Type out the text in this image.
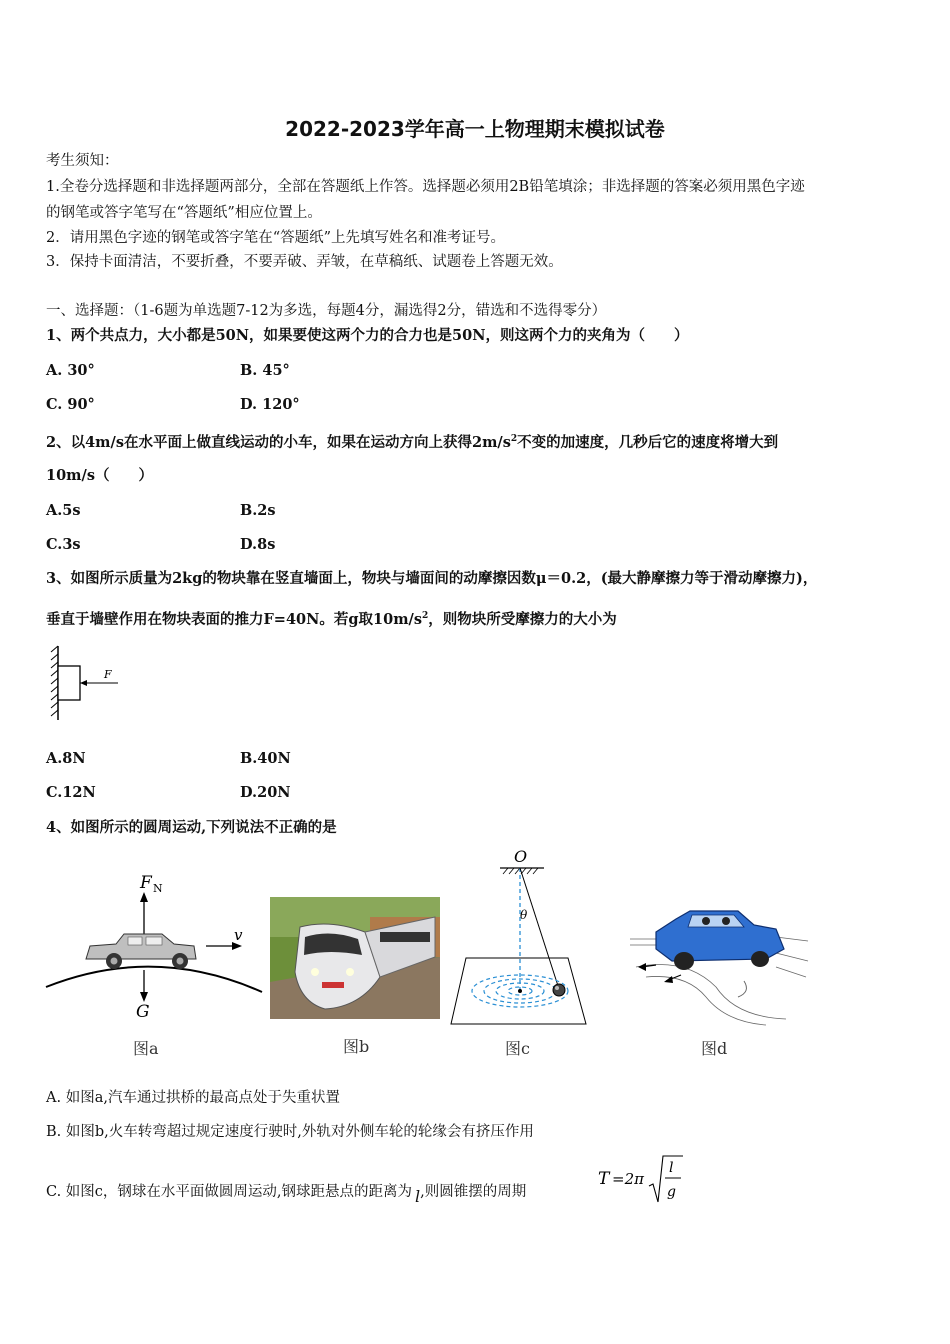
2022-2023学年高一上物理期末模拟试卷
考生须知：
1.全卷分选择题和非选择题两部分，全部在答题纸上作答。选择题必须用2B铅笔填涂；非选择题的答案必须用黑色字迹
的钢笔或答字笔写在“答题纸”相应位置上。
2．请用黑色字迹的钢笔或答字笔在“答题纸”上先填写姓名和准考证号。
3．保持卡面清洁，不要折叠，不要弄破、弄皱，在草稿纸、试题卷上答题无效。
一、选择题：（1-6题为单选题7-12为多选，每题4分，漏选得2分，错选和不选得零分）
1、两个共点力，大小都是50N，如果要使这两个力的合力也是50N，则这两个力的夹角为（　　）
A. 30°	B. 45°
C. 90°	D. 120°
2、以4m/s在水平面上做直线运动的小车，如果在运动方向上获得$2m/s^2$不变的加速度，几秒后它的速度将增大到
10m/s（　　）
A.5s	B.2s
C.3s	D.8s
3、如图所示质量为2kg的物块靠在竖直墙面上，物块与墙面间的动摩擦因数μ＝0.2，(最大静摩擦力等于滑动摩擦力)，
垂直于墙壁作用在物块表面的推力F=40N。若g取$10m/s^2$，则物块所受摩擦力的大小为
F
A.8N	B.40N
C.12N	D.20N
4、如图所示的圆周运动,下列说法不正确的是
F N
G
v
图a	图b
O
θ
图c	图d
A. 如图a,汽车通过拱桥的最高点处于失重状置
B. 如图b,火车转弯超过规定速度行驶时,外轨对外侧车轮的轮缘会有挤压作用
C. 如图c，钢球在水平面做圆周运动,钢球距悬点的距离为 l,则圆锥摆的周期
T =2π
l
g
